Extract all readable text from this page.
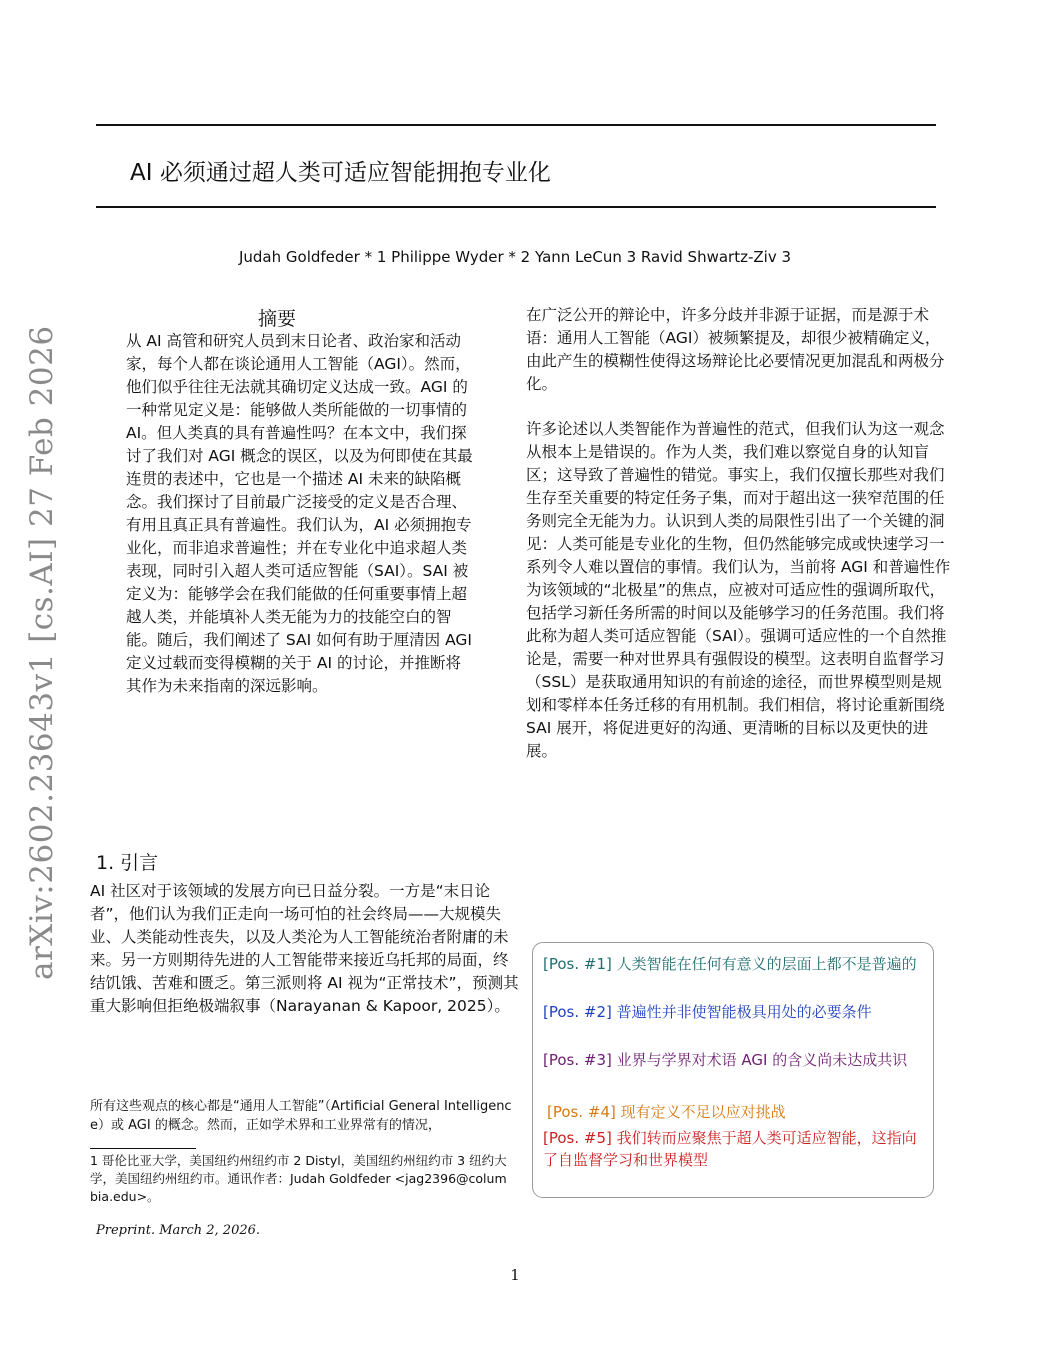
AI 必须通过超人类可适应智能拥抱专业化
Judah Goldfeder * 1 Philippe Wyder * 2 Yann LeCun 3 Ravid Shwartz-Ziv 3
arXiv:2602.23643v1 [cs.AI] 27 Feb 2026
摘要

从 AI 高管和研究人员到末日论者、政治家和活动家，每个人都在谈论通用人工智能（AGI）。然而，他们似乎往往无法就其确切定义达成一致。AGI 的一种常见定义是：能够做人类所能做的一切事情的 AI。但人类真的具有普遍性吗？在本文中，我们探讨了我们对 AGI 概念的误区，以及为何即使在其最连贯的表述中，它也是一个描述 AI 未来的缺陷概念。我们探讨了目前最广泛接受的定义是否合理、有用且真正具有普遍性。我们认为，AI 必须拥抱专业化，而非追求普遍性；并在专业化中追求超人类表现，同时引入超人类可适应智能（SAI）。SAI 被定义为：能够学会在我们能做的任何重要事情上超越人类，并能填补人类无能为力的技能空白的智能。随后，我们阐述了 SAI 如何有助于厘清因 AGI 定义过载而变得模糊的关于 AI 的讨论，并推断将其作为未来指南的深远影响。

在广泛公开的辩论中，许多分歧并非源于证据，而是源于术语：通用人工智能（AGI）被频繁提及，却很少被精确定义，由此产生的模糊性使得这场辩论比必要情况更加混乱和两极分化。

许多论述以人类智能作为普遍性的范式，但我们认为这一观念从根本上是错误的。作为人类，我们难以察觉自身的认知盲区；这导致了普遍性的错觉。事实上，我们仅擅长那些对我们生存至关重要的特定任务子集，而对于超出这一狭窄范围的任务则完全无能为力。认识到人类的局限性引出了一个关键的洞见：人类可能是专业化的生物，但仍然能够完成或快速学习一系列令人难以置信的事情。我们认为，当前将 AGI 和普遍性作为该领域的“北极星”的焦点，应被对可适应性的强调所取代，包括学习新任务所需的时间以及能够学习的任务范围。我们将此称为超人类可适应智能（SAI）。强调可适应性的一个自然推论是，需要一种对世界具有强假设的模型。这表明自监督学习（SSL）是获取通用知识的有前途的途径，而世界模型则是规划和零样本任务迁移的有用机制。我们相信，将讨论重新围绕 SAI 展开，将促进更好的沟通、更清晰的目标以及更快的进展。

1. 引言

AI 社区对于该领域的发展方向已日益分裂。一方是“末日论者”，他们认为我们正走向一场可怕的社会终局——大规模失业、人类能动性丧失，以及人类沦为人工智能统治者附庸的未来。另一方则期待先进的人工智能带来接近乌托邦的局面，终结饥饿、苦难和匮乏。第三派则将 AI 视为“正常技术”，预测其重大影响但拒绝极端叙事（Narayanan & Kapoor, 2025）。

[Pos. #1] 人类智能在任何有意义的层面上都不是普遍的

[Pos. #2] 普遍性并非使智能极具用处的必要条件

[Pos. #3] 业界与学界对术语 AGI 的含义尚未达成共识

[Pos. #4] 现有定义不足以应对挑战

[Pos. #5] 我们转而应聚焦于超人类可适应智能，这指向了自监督学习和世界模型

所有这些观点的核心都是“通用人工智能”（Artificial General Intelligence）或 AGI 的概念。然而，正如学术界和工业界常有的情况，

1 哥伦比亚大学，美国纽约州纽约市 2 Distyl，美国纽约州纽约市 3 纽约大学，美国纽约州纽约市。通讯作者：Judah Goldfeder <jag2396@columbia.edu>。

Preprint. March 2, 2026.
1
